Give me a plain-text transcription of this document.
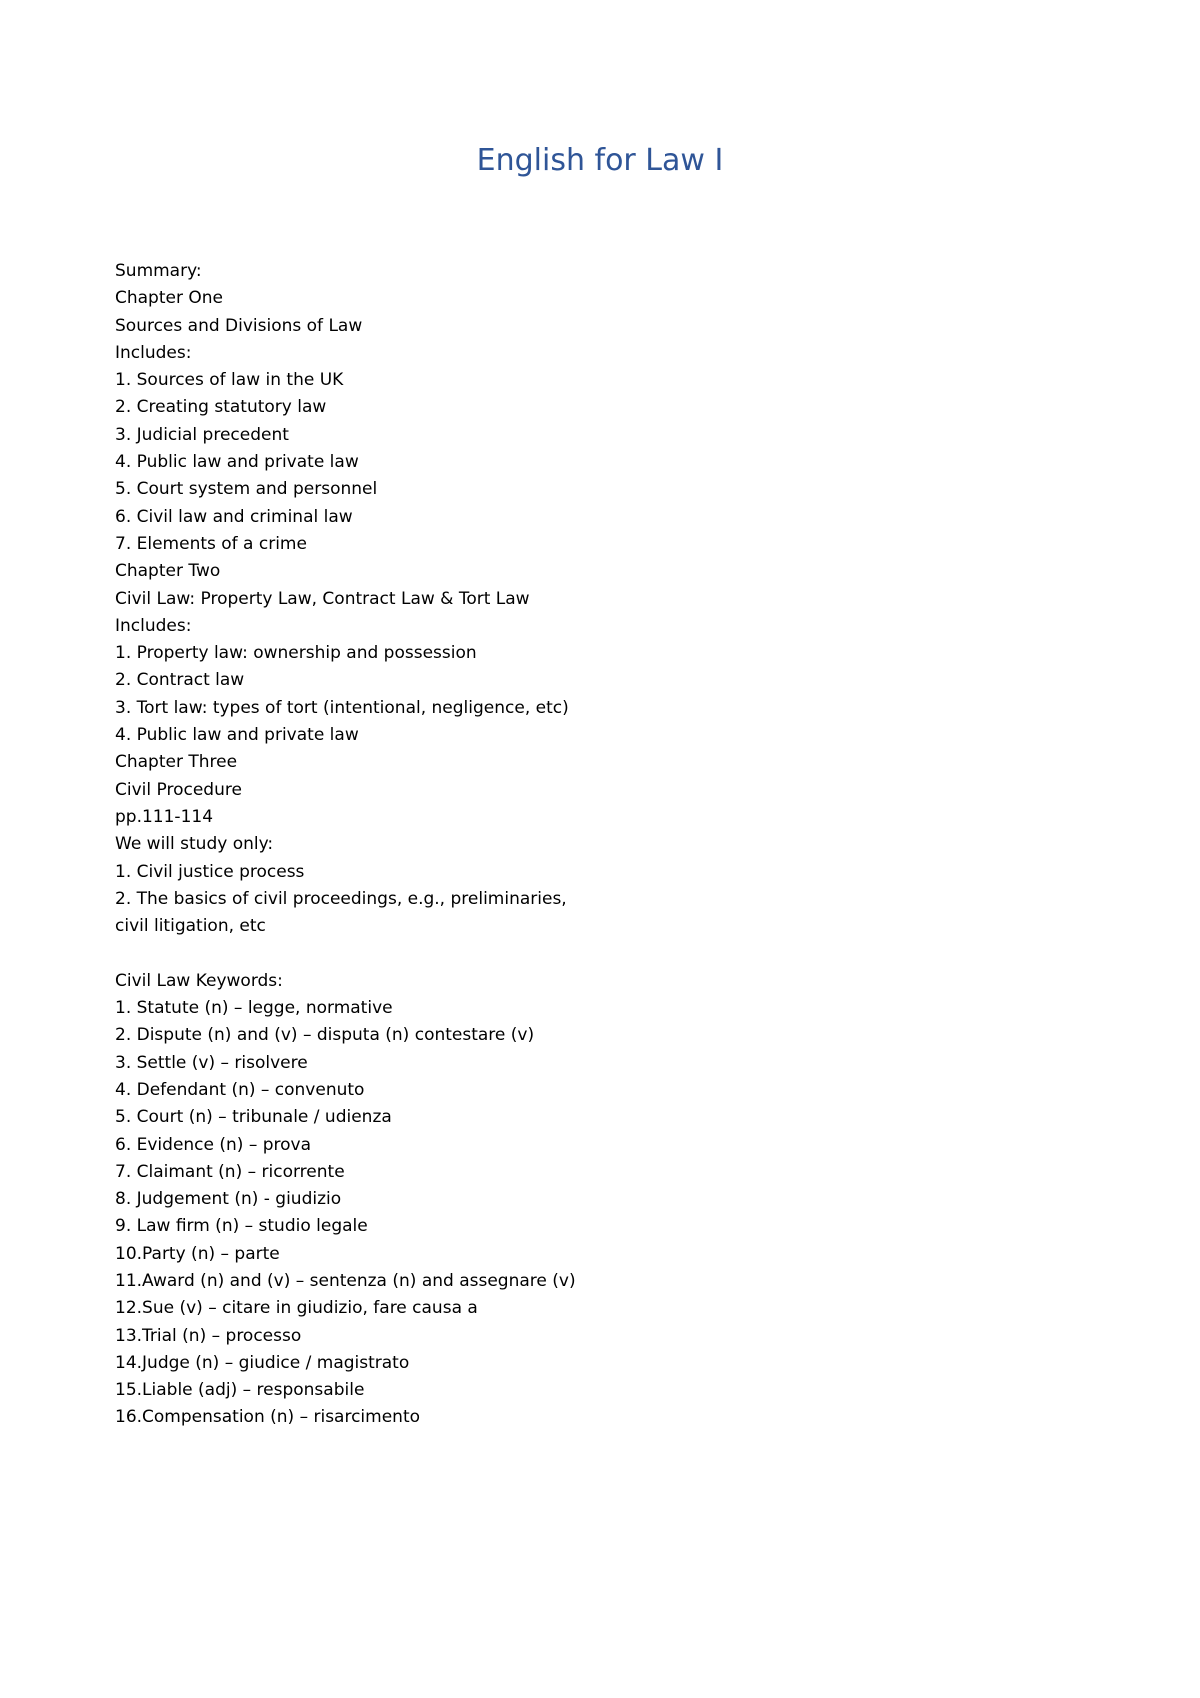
English for Law I
Summary:
Chapter One
Sources and Divisions of Law
Includes:
1. Sources of law in the UK
2. Creating statutory law
3. Judicial precedent
4. Public law and private law
5. Court system and personnel
6. Civil law and criminal law
7. Elements of a crime
Chapter Two
Civil Law: Property Law, Contract Law & Tort Law
Includes:
1. Property law: ownership and possession
2. Contract law
3. Tort law: types of tort (intentional, negligence, etc)
4. Public law and private law
Chapter Three
Civil Procedure
pp.111-114
We will study only:
1. Civil justice process
2. The basics of civil proceedings, e.g., preliminaries,
civil litigation, etc
Civil Law Keywords:
1. Statute (n) – legge, normative
2. Dispute (n) and (v) – disputa (n) contestare (v)
3. Settle (v) – risolvere
4. Defendant (n) – convenuto
5. Court (n) – tribunale / udienza
6. Evidence (n) – prova
7. Claimant (n) – ricorrente
8. Judgement (n) - giudizio
9. Law firm (n) – studio legale
10.Party (n) – parte
11.Award (n) and (v) – sentenza (n) and assegnare (v)
12.Sue (v) – citare in giudizio, fare causa a
13.Trial (n) – processo
14.Judge (n) – giudice / magistrato
15.Liable (adj) – responsabile
16.Compensation (n) – risarcimento
